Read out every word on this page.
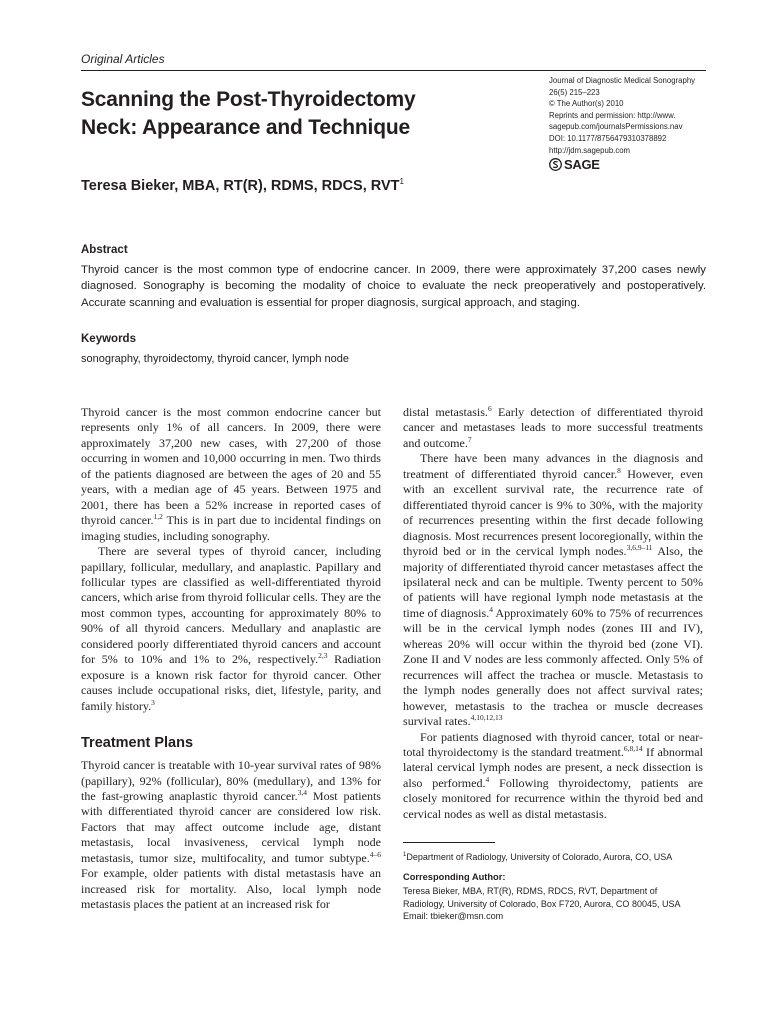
Original Articles
Scanning the Post-Thyroidectomy
Neck: Appearance and Technique
Journal of Diagnostic Medical Sonography
26(5) 215–223
© The Author(s) 2010
Reprints and permission: http://www.
sagepub.com/journalsPermissions.nav
DOI: 10.1177/8756479310378892
http://jdm.sagepub.com
SAGE
Teresa Bieker, MBA, RT(R), RDMS, RDCS, RVT$^1$
Abstract

Thyroid cancer is the most common type of endocrine cancer. In 2009, there were approximately 37,200 cases newly diagnosed. Sonography is becoming the modality of choice to evaluate the neck preoperatively and postoperatively. Accurate scanning and evaluation is essential for proper diagnosis, surgical approach, and staging.

Keywords
sonography, thyroidectomy, thyroid cancer, lymph node

Thyroid cancer is the most common endocrine cancer but represents only 1% of all cancers. In 2009, there were approximately 37,200 new cases, with 27,200 of those occurring in women and 10,000 occurring in men. Two thirds of the patients diagnosed are between the ages of 20 and 55 years, with a median age of 45 years. Between 1975 and 2001, there has been a 52% increase in reported cases of thyroid cancer.$^{1,2}$ This is in part due to incidental findings on imaging studies, including sonography.

There are several types of thyroid cancer, including papillary, follicular, medullary, and anaplastic. Papillary and follicular types are classified as well-differentiated thyroid cancers, which arise from thyroid follicular cells. They are the most common types, accounting for approximately 80% to 90% of all thyroid cancers. Medullary and anaplastic are considered poorly differentiated thyroid cancers and account for 5% to 10% and 1% to 2%, respectively.$^{2,3}$ Radiation exposure is a known risk factor for thyroid cancer. Other causes include occupational risks, diet, lifestyle, parity, and family history.$^3$

Treatment Plans

Thyroid cancer is treatable with 10-year survival rates of 98% (papillary), 92% (follicular), 80% (medullary), and 13% for the fast-growing anaplastic thyroid cancer.$^{3,4}$ Most patients with differentiated thyroid cancer are considered low risk. Factors that may affect outcome include age, distant metastasis, local invasiveness, cervical lymph node metastasis, tumor size, multifocality, and tumor subtype.$^{4-6}$ For example, older patients with distal metastasis have an increased risk for mortality. Also, local lymph node metastasis places the patient at an increased risk for

distal metastasis.$^6$ Early detection of differentiated thyroid cancer and metastases leads to more successful treatments and outcome.$^7$

There have been many advances in the diagnosis and treatment of differentiated thyroid cancer.$^8$ However, even with an excellent survival rate, the recurrence rate of differentiated thyroid cancer is 9% to 30%, with the majority of recurrences presenting within the first decade following diagnosis. Most recurrences present locoregionally, within the thyroid bed or in the cervical lymph nodes.$^{3,6,9-11}$ Also, the majority of differentiated thyroid cancer metastases affect the ipsilateral neck and can be multiple. Twenty percent to 50% of patients will have regional lymph node metastasis at the time of diagnosis.$^4$ Approximately 60% to 75% of recurrences will be in the cervical lymph nodes (zones III and IV), whereas 20% will occur within the thyroid bed (zone VI). Zone II and V nodes are less commonly affected. Only 5% of recurrences will affect the trachea or muscle. Metastasis to the lymph nodes generally does not affect survival rates; however, metastasis to the trachea or muscle decreases survival rates.$^{4,10,12,13}$

For patients diagnosed with thyroid cancer, total or near-total thyroidectomy is the standard treatment.$^{6,8,14}$ If abnormal lateral cervical lymph nodes are present, a neck dissection is also performed.$^4$ Following thyroidectomy, patients are closely monitored for recurrence within the thyroid bed and cervical nodes as well as distal metastasis.

$^1$Department of Radiology, University of Colorado, Aurora, CO, USA
Corresponding Author:
Teresa Bieker, MBA, RT(R), RDMS, RDCS, RVT, Department of
Radiology, University of Colorado, Box F720, Aurora, CO 80045, USA
Email: tbieker@msn.com
